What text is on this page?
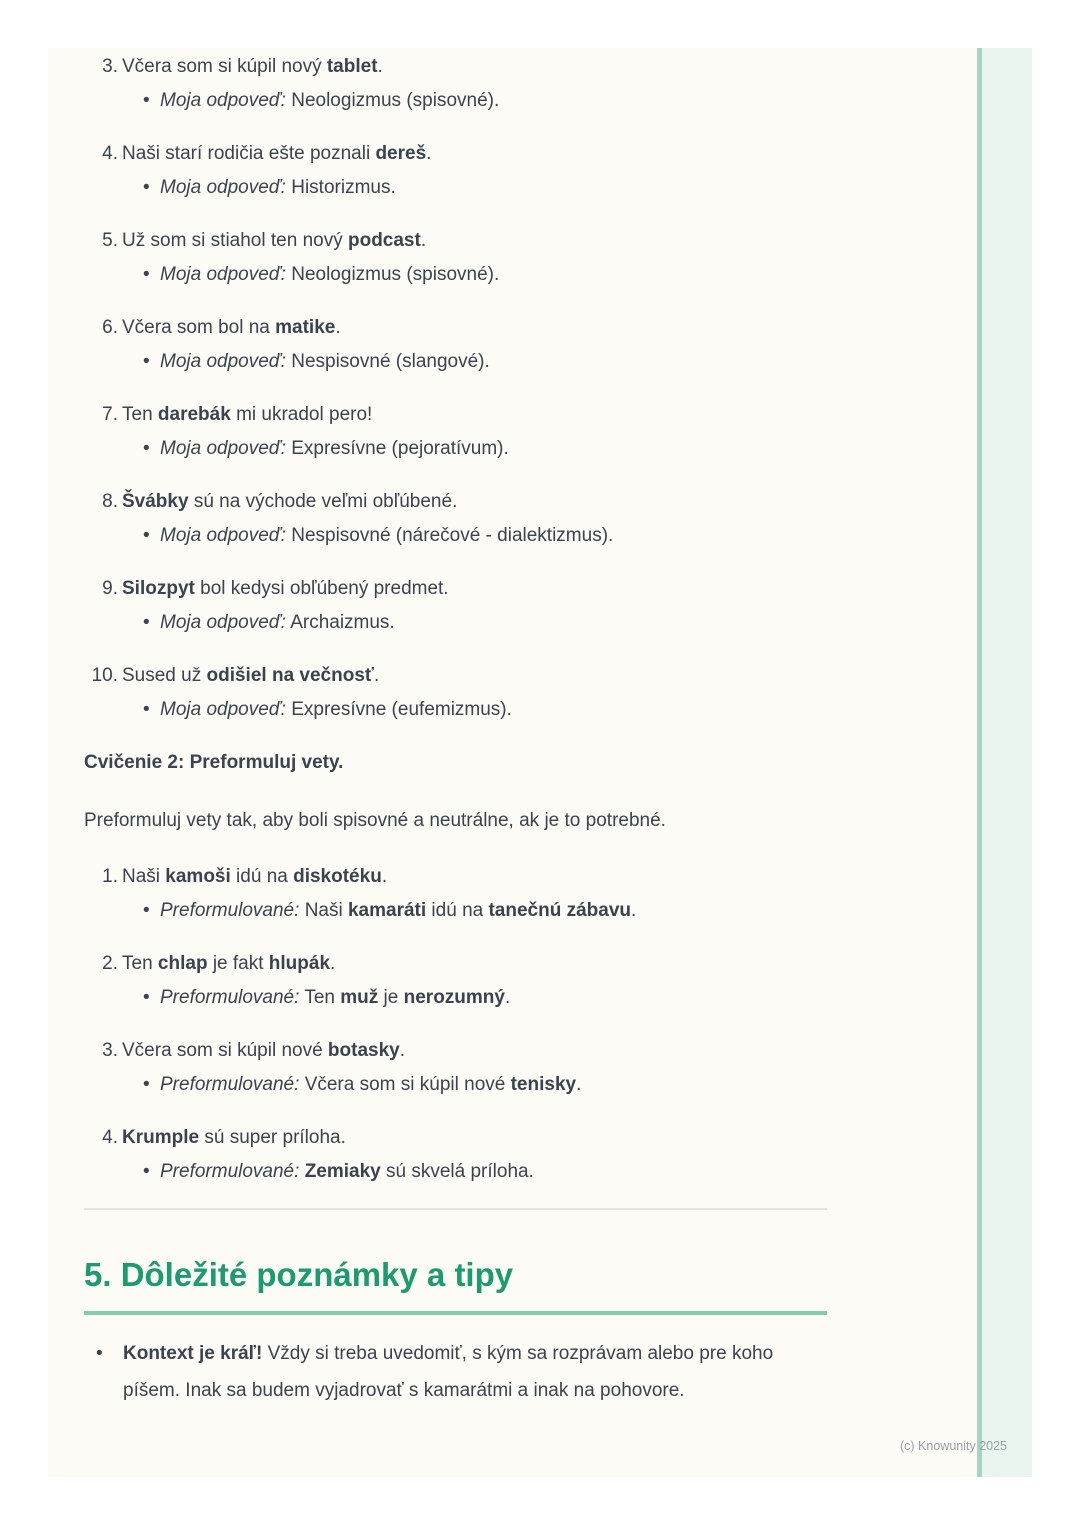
3. Včera som si kúpil nový tablet.
• Moja odpoveď: Neologizmus (spisovné).
4. Naši starí rodičia ešte poznali dereš.
• Moja odpoveď: Historizmus.
5. Už som si stiahol ten nový podcast.
• Moja odpoveď: Neologizmus (spisovné).
6. Včera som bol na matike.
• Moja odpoveď: Nespisovné (slangové).
7. Ten darebák mi ukradol pero!
• Moja odpoveď: Expresívne (pejoratívum).
8. Švábky sú na východe veľmi obľúbené.
• Moja odpoveď: Nespisovné (nárečové - dialektizmus).
9. Silozpyt bol kedysi obľúbený predmet.
• Moja odpoveď: Archaizmus.
10. Sused už odišiel na večnosť.
• Moja odpoveď: Expresívne (eufemizmus).

Cvičenie 2: Preformuluj vety.

Preformuluj vety tak, aby boli spisovné a neutrálne, ak je to potrebné.

1. Naši kamoši idú na diskotéku.
• Preformulované: Naši kamaráti idú na tanečnú zábavu.
2. Ten chlap je fakt hlupák.
• Preformulované: Ten muž je nerozumný.
3. Včera som si kúpil nové botasky.
• Preformulované: Včera som si kúpil nové tenisky.
4. Krumple sú super príloha.
• Preformulované: Zemiaky sú skvelá príloha.
5. Dôležité poznámky a tipy
•	Kontext je kráľ! Vždy si treba uvedomiť, s kým sa rozprávam alebo pre koho píšem. Inak sa budem vyjadrovať s kamarátmi a inak na pohovore.
(c) Knowunity 2025
